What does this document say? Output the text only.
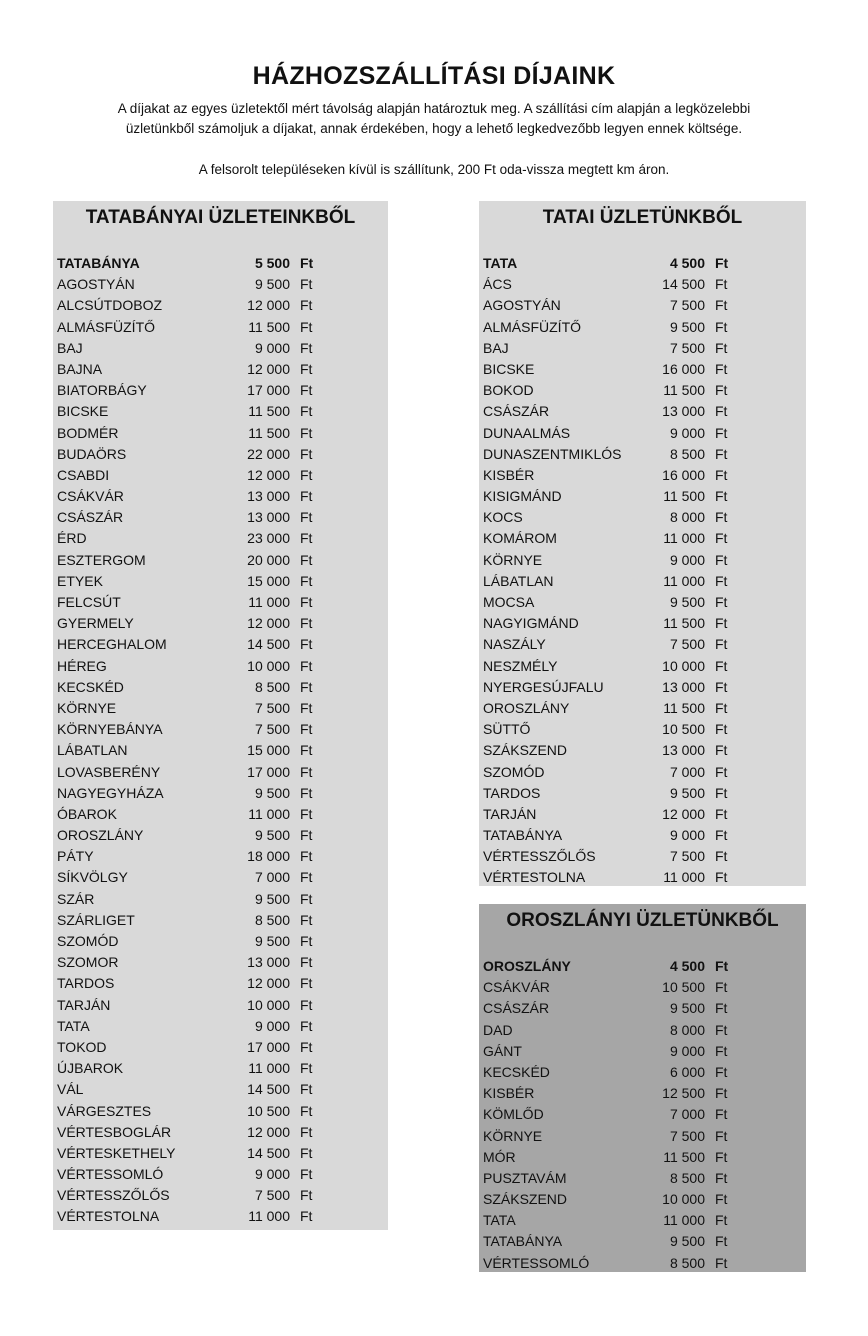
HÁZHOZSZÁLLÍTÁSI DÍJAINK
A díjakat az egyes üzletektől mért távolság alapján határoztuk meg. A szállítási cím alapján a legközelebbi
üzletünkből számoljuk a díjakat, annak érdekében, hogy a lehető legkedvezőbb legyen ennek költsége.
A felsorolt településeken kívül is szállítunk, 200 Ft oda-vissza megtett km áron.
TATABÁNYAI ÜZLETEINKBŐL
TATABÁNYA	5 500 Ft
AGOSTYÁN	9 500 Ft
ALCSÚTDOBOZ	12 000 Ft
ALMÁSFÜZÍTŐ	11 500 Ft
BAJ	9 000 Ft
BAJNA	12 000 Ft
BIATORBÁGY	17 000 Ft
BICSKE	11 500 Ft
BODMÉR	11 500 Ft
BUDAÖRS	22 000 Ft
CSABDI	12 000 Ft
CSÁKVÁR	13 000 Ft
CSÁSZÁR	13 000 Ft
ÉRD	23 000 Ft
ESZTERGOM	20 000 Ft
ETYEK	15 000 Ft
FELCSÚT	11 000 Ft
GYERMELY	12 000 Ft
HERCEGHALOM	14 500 Ft
HÉREG	10 000 Ft
KECSKÉD	8 500 Ft
KÖRNYE	7 500 Ft
KÖRNYEBÁNYA	7 500 Ft
LÁBATLAN	15 000 Ft
LOVASBERÉNY	17 000 Ft
NAGYEGYHÁZA	9 500 Ft
ÓBAROK	11 000 Ft
OROSZLÁNY	9 500 Ft
PÁTY	18 000 Ft
SÍKVÖLGY	7 000 Ft
SZÁR	9 500 Ft
SZÁRLIGET	8 500 Ft
SZOMÓD	9 500 Ft
SZOMOR	13 000 Ft
TARDOS	12 000 Ft
TARJÁN	10 000 Ft
TATA	9 000 Ft
TOKOD	17 000 Ft
ÚJBAROK	11 000 Ft
VÁL	14 500 Ft
VÁRGESZTES	10 500 Ft
VÉRTESBOGLÁR	12 000 Ft
VÉRTESKETHELY	14 500 Ft
VÉRTESSOMLÓ	9 000 Ft
VÉRTESSZŐLŐS	7 500 Ft
VÉRTESTOLNA	11 000 Ft
TATAI ÜZLETÜNKBŐL
TATA	4 500 Ft
ÁCS	14 500 Ft
AGOSTYÁN	7 500 Ft
ALMÁSFÜZÍTŐ	9 500 Ft
BAJ	7 500 Ft
BICSKE	16 000 Ft
BOKOD	11 500 Ft
CSÁSZÁR	13 000 Ft
DUNAALMÁS	9 000 Ft
DUNASZENTMIKLÓS	8 500 Ft
KISBÉR	16 000 Ft
KISIGMÁND	11 500 Ft
KOCS	8 000 Ft
KOMÁROM	11 000 Ft
KÖRNYE	9 000 Ft
LÁBATLAN	11 000 Ft
MOCSA	9 500 Ft
NAGYIGMÁND	11 500 Ft
NASZÁLY	7 500 Ft
NESZMÉLY	10 000 Ft
NYERGESÚJFALU	13 000 Ft
OROSZLÁNY	11 500 Ft
SÜTTŐ	10 500 Ft
SZÁKSZEND	13 000 Ft
SZOMÓD	7 000 Ft
TARDOS	9 500 Ft
TARJÁN	12 000 Ft
TATABÁNYA	9 000 Ft
VÉRTESSZŐLŐS	7 500 Ft
VÉRTESTOLNA	11 000 Ft
OROSZLÁNYI ÜZLETÜNKBŐL
OROSZLÁNY	4 500 Ft
CSÁKVÁR	10 500 Ft
CSÁSZÁR	9 500 Ft
DAD	8 000 Ft
GÁNT	9 000 Ft
KECSKÉD	6 000 Ft
KISBÉR	12 500 Ft
KÖMLŐD	7 000 Ft
KÖRNYE	7 500 Ft
MÓR	11 500 Ft
PUSZTAVÁM	8 500 Ft
SZÁKSZEND	10 000 Ft
TATA	11 000 Ft
TATABÁNYA	9 500 Ft
VÉRTESSOMLÓ	8 500 Ft
